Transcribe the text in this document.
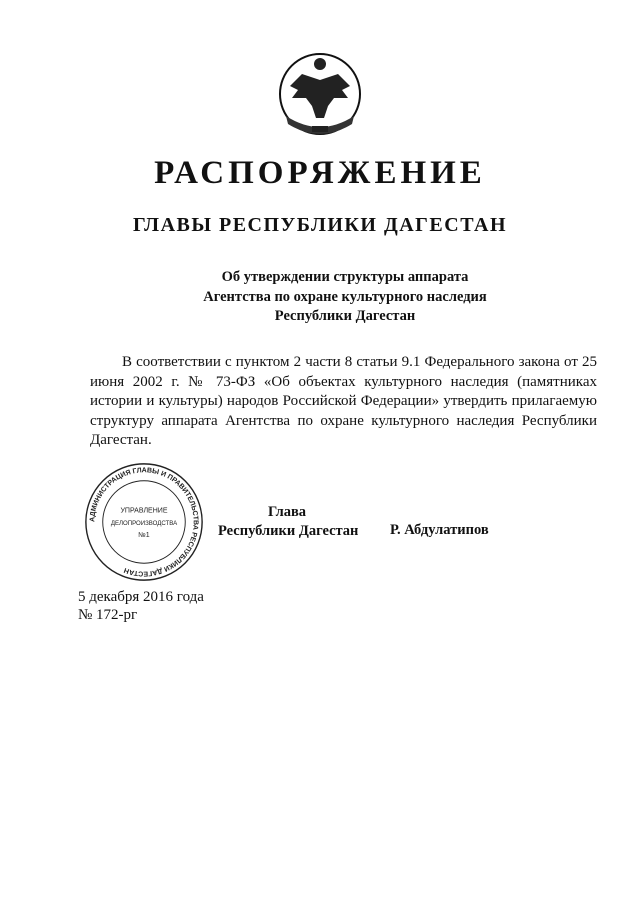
РАСПОРЯЖЕНИЕ
ГЛАВЫ РЕСПУБЛИКИ ДАГЕСТАН
Об утверждении структуры аппарата
Агентства по охране культурного наследия
Республики Дагестан
В соответствии с пунктом 2 части 8 статьи 9.1 Федерального закона от 25 июня 2002 г. № 73-ФЗ «Об объектах культурного наследия (памятниках истории и культуры) народов Российской Федерации» утвердить прилагаемую структуру аппарата Агентства по охране культурного наследия Республики Дагестан.
АДМИНИСТРАЦИЯ ГЛАВЫ И ПРАВИТЕЛЬСТВА РЕСПУБЛИКИ ДАГЕСТАН
УПРАВЛЕНИЕ
ДЕЛОПРОИЗВОДСТВА
№1
Глава
Республики Дагестан Р. Абдулатипов
5 декабря 2016 года
№ 172-рг
